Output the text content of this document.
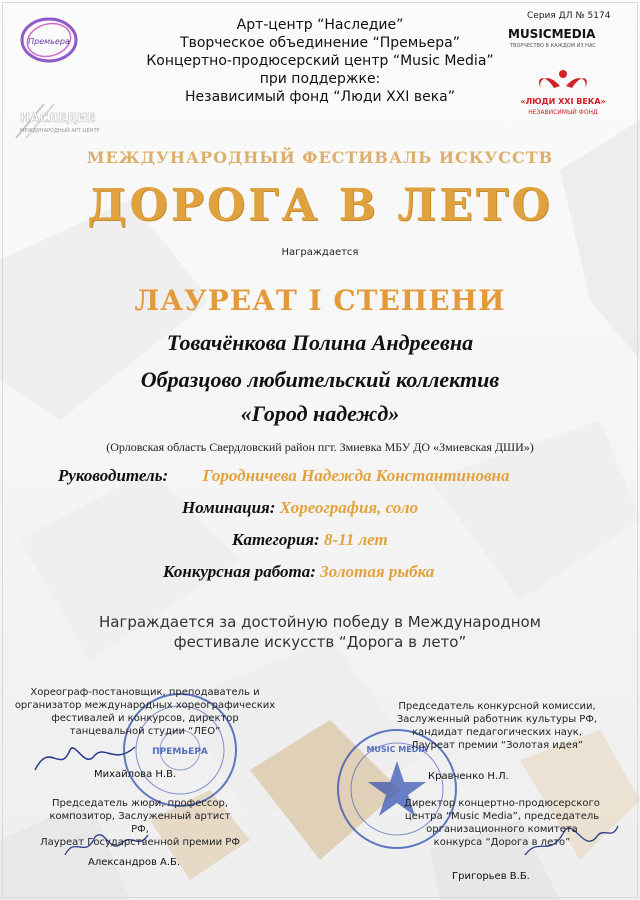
Премьера
НАСЛЕДИЕ
МЕЖДУНАРОДНЫЙ АРТ-ЦЕНТР
Серия ДЛ № 5174
MUSICMEDIA
ТВОРЧЕСТВО В КАЖДОМ ИЗ НАС
«ЛЮДИ XXI ВЕКА»
НЕЗАВИСИМЫЙ ФОНД
Арт-центр “Наследие”
Творческое объединение “Премьера”
Концертно-продюсерский центр “Music Media”
при поддержке:
Независимый фонд “Люди XXI века”
МЕЖДУНАРОДНЫЙ ФЕСТИВАЛЬ ИСКУССТВ
ДОРОГА В ЛЕТО
Награждается
ЛАУРЕАТ I СТЕПЕНИ
Товачёнкова Полина Андреевна
Образцово любительский коллектив
«Город надежд»
(Орловская область Свердловский район пгт. Змиевка МБУ ДО «Змиевская ДШИ»)
Руководитель: Городничева Надежда Константиновна
Номинация: Хореография, соло
Категория: 8-11 лет
Конкурсная работа: Золотая рыбка
Награждается за достойную победу в Международном
фестивале искусств “Дорога в лето”
ПРЕМЬЕРА	MUSIC MEDIA
Хореограф-постановщик, преподаватель и
организатор международных хореографических
фестивалей и конкурсов, директор
танцевальной студии “ЛЕО”
Михайлова Н.В.
Председатель жюри, профессор,
композитор, Заслуженный артист РФ,
Лауреат Государственной премии РФ
Александров А.Б.
Председатель конкурсной комиссии,
Заслуженный работник культуры РФ,
кандидат педагогических наук,
Лауреат премии “Золотая идея”
Кравченко Н.Л.
Директор концертно-продюсерского
центра “Music Media”, председатель
организационного комитета
конкурса “Дорога в лето”
Григорьев В.Б.
